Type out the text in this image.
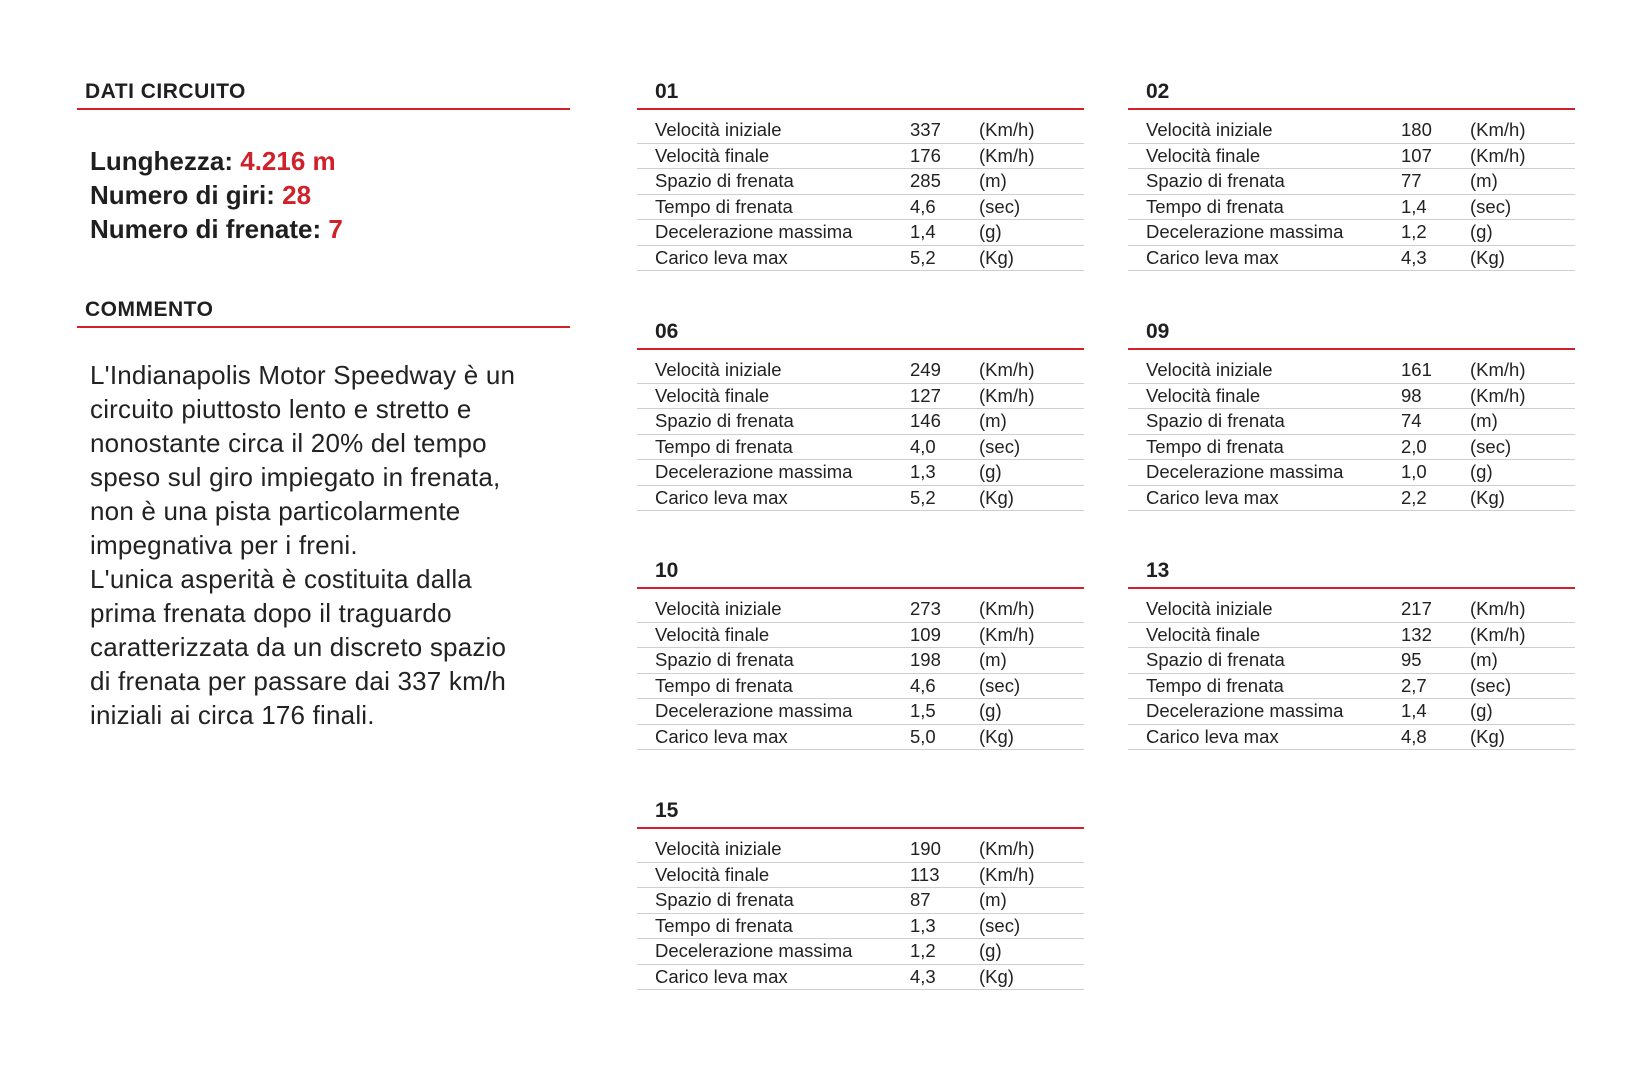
DATI CIRCUITO
Lunghezza: 4.216 m
Numero di giri: 28
Numero di frenate: 7
COMMENTO
L'Indianapolis Motor Speedway è un
circuito piuttosto lento e stretto e
nonostante circa il 20% del tempo
speso sul giro impiegato in frenata,
non è una pista particolarmente
impegnativa per i freni.
L'unica asperità è costituita dalla
prima frenata dopo il traguardo
caratterizzata da un discreto spazio
di frenata per passare dai 337 km/h
iniziali ai circa 176 finali.
01
Velocità iniziale	337	(Km/h)
Velocità finale	176	(Km/h)
Spazio di frenata	285	(m)
Tempo di frenata	4,6	(sec)
Decelerazione massima	1,4	(g)
Carico leva max	5,2	(Kg)
02
Velocità iniziale	180	(Km/h)
Velocità finale	107	(Km/h)
Spazio di frenata	77	(m)
Tempo di frenata	1,4	(sec)
Decelerazione massima	1,2	(g)
Carico leva max	4,3	(Kg)
06
Velocità iniziale	249	(Km/h)
Velocità finale	127	(Km/h)
Spazio di frenata	146	(m)
Tempo di frenata	4,0	(sec)
Decelerazione massima	1,3	(g)
Carico leva max	5,2	(Kg)
09
Velocità iniziale	161	(Km/h)
Velocità finale	98	(Km/h)
Spazio di frenata	74	(m)
Tempo di frenata	2,0	(sec)
Decelerazione massima	1,0	(g)
Carico leva max	2,2	(Kg)
10
Velocità iniziale	273	(Km/h)
Velocità finale	109	(Km/h)
Spazio di frenata	198	(m)
Tempo di frenata	4,6	(sec)
Decelerazione massima	1,5	(g)
Carico leva max	5,0	(Kg)
13
Velocità iniziale	217	(Km/h)
Velocità finale	132	(Km/h)
Spazio di frenata	95	(m)
Tempo di frenata	2,7	(sec)
Decelerazione massima	1,4	(g)
Carico leva max	4,8	(Kg)
15
Velocità iniziale	190	(Km/h)
Velocità finale	113	(Km/h)
Spazio di frenata	87	(m)
Tempo di frenata	1,3	(sec)
Decelerazione massima	1,2	(g)
Carico leva max	4,3	(Kg)
